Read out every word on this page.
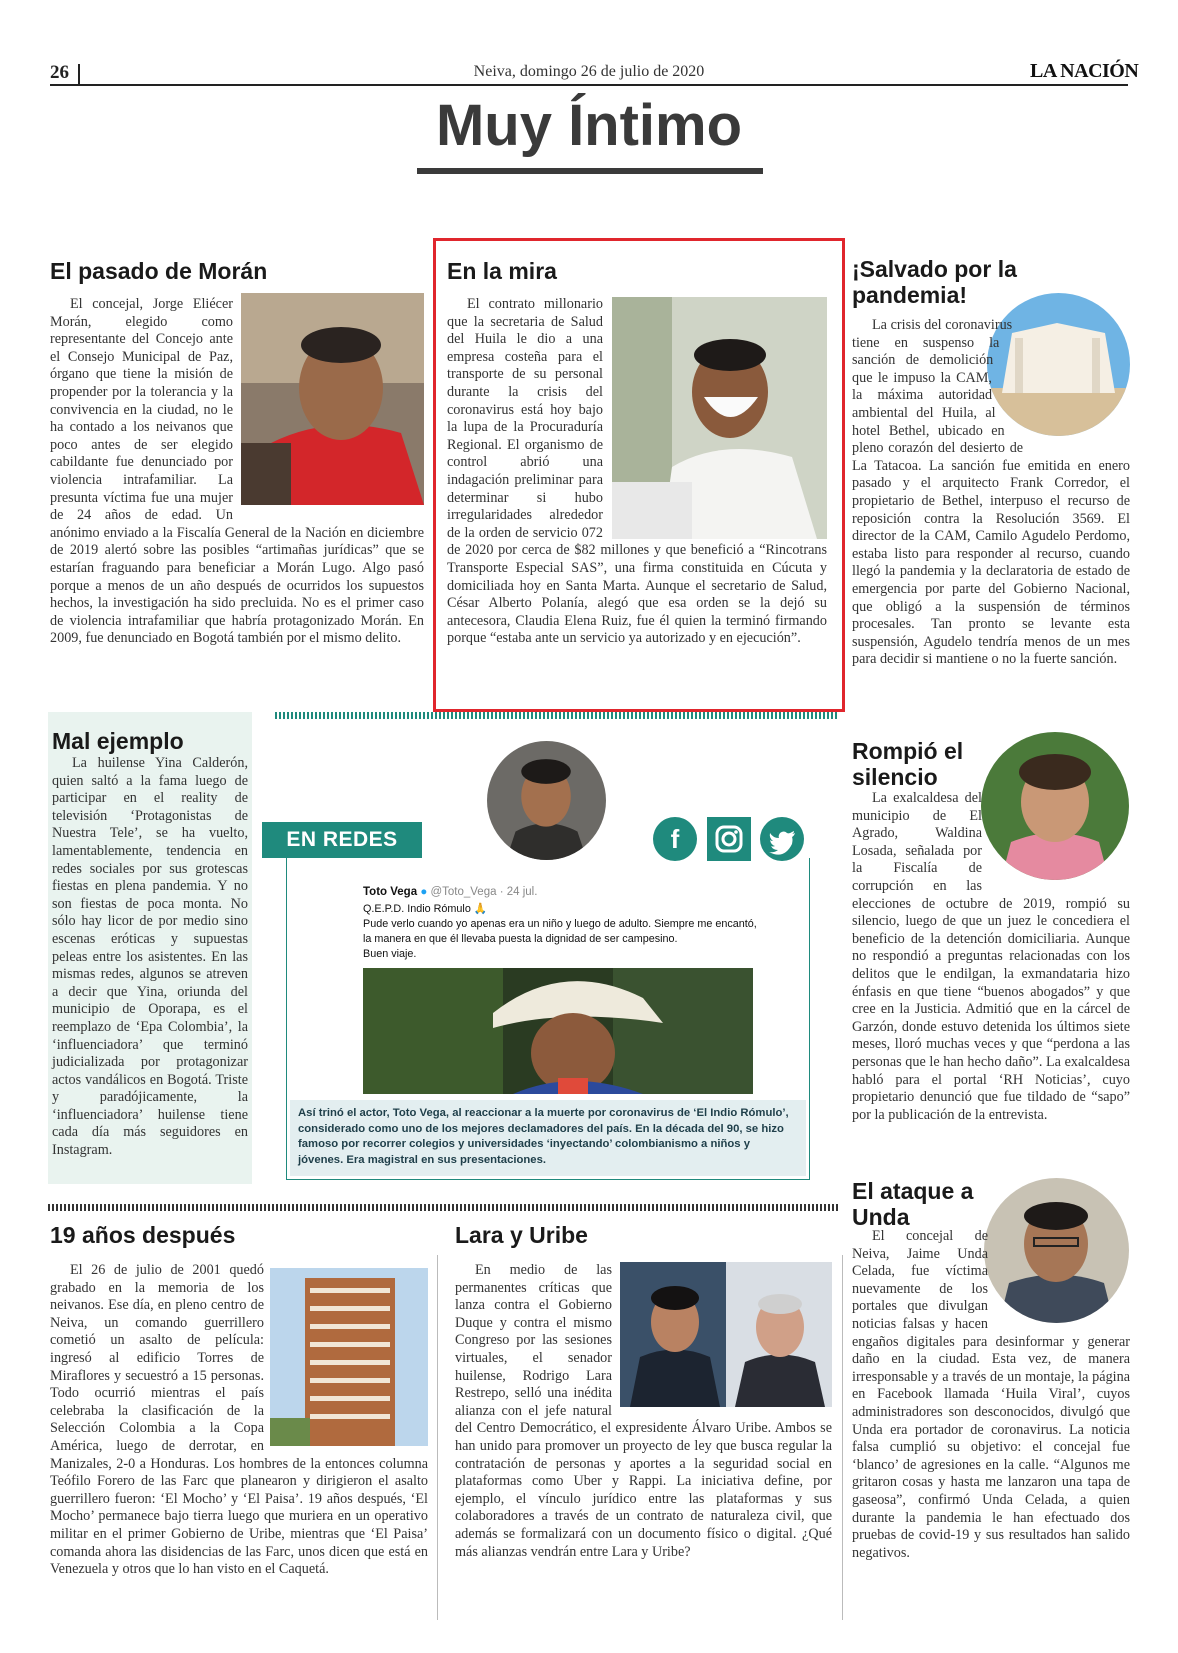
26	Neiva, domingo 26 de julio de 2020	LA NACIÓN
Muy Íntimo
El pasado de Morán

El concejal, Jorge Eliécer Morán, elegido como representante del Concejo ante el Consejo Municipal de Paz, órgano que tiene la misión de propender por la tolerancia y la convivencia en la ciudad, no le ha contado a los neivanos que poco antes de ser elegido cabildante fue denunciado por violencia intrafamiliar. La presunta víctima fue una mujer de 24 años de edad. Un anónimo enviado a la Fiscalía General de la Nación en diciembre de 2019 alertó sobre las posibles “artimañas jurídicas” que se estarían fraguando para beneficiar a Morán Lugo. Algo pasó porque a menos de un año después de ocurridos los supuestos hechos, la investigación ha sido precluida. No es el primer caso de violencia intrafamiliar que habría protagonizado Morán. En 2009, fue denunciado en Bogotá también por el mismo delito.

En la mira

El contrato millonario que la secretaria de Salud del Huila le dio a una empresa costeña para el transporte de su personal durante la crisis del coronavirus está hoy bajo la lupa de la Procuraduría Regional. El organismo de control abrió una indagación preliminar para determinar si hubo irregularidades alrededor de la orden de servicio 072 de 2020 por cerca de $82 millones y que benefició a “Rincotrans Transporte Especial SAS”, una firma constituida en Cúcuta y domiciliada hoy en Santa Marta. Aunque el secretario de Salud, César Alberto Polanía, alegó que esa orden se la dejó su antecesora, Claudia Elena Ruiz, fue él quien la terminó firmando porque “estaba ante un servicio ya autorizado y en ejecución”.

¡Salvado por la pandemia!

La crisis del coronavirus tiene en suspenso la sanción de demolición que le impuso la CAM, la máxima autoridad ambiental del Huila, al hotel Bethel, ubicado en pleno corazón del desierto de La Tatacoa. La sanción fue emitida en enero pasado y el arquitecto Frank Corredor, el propietario de Bethel, interpuso el recurso de reposición contra la Resolución 3569. El director de la CAM, Camilo Agudelo Perdomo, estaba listo para responder al recurso, cuando llegó la pandemia y la declaratoria de estado de emergencia por parte del Gobierno Nacional, que obligó a la suspensión de términos procesales. Tan pronto se levante esta suspensión, Agudelo tendría menos de un mes para decidir si mantiene o no la fuerte sanción.

Mal ejemplo

La huilense Yina Calderón, quien saltó a la fama luego de participar en el reality de televisión ‘Protagonistas de Nuestra Tele’, se ha vuelto, lamentablemente, tendencia en redes sociales por sus grotescas fiestas en plena pandemia. Y no son fiestas de poca monta. No sólo hay licor de por medio sino escenas eróticas y supuestas peleas entre los asistentes. En las mismas redes, algunos se atreven a decir que Yina, oriunda del municipio de Oporapa, es el reemplazo de ‘Epa Colombia’, la ‘influenciadora’ que terminó judicializada por protagonizar actos vandálicos en Bogotá. Triste y paradójicamente, la ‘influenciadora’ huilense tiene cada día más seguidores en Instagram.

EN REDES	f
Toto Vega ● @Toto_Vega · 24 jul.
Q.E.P.D. Indio Rómulo 🙏
Pude verlo cuando yo apenas era un niño y luego de adulto. Siempre me encantó, la manera en que él llevaba puesta la dignidad de ser campesino.
Buen viaje.
Así trinó el actor, Toto Vega, al reaccionar a la muerte por coronavirus de ‘El Indio Rómulo’, considerado como uno de los mejores declamadores del país. En la década del 90, se hizo famoso por recorrer colegios y universidades ‘inyectando’ colombianismo a niños y jóvenes. Era magistral en sus presentaciones.
Rompió el silencio

La exalcaldesa del municipio de El Agrado, Waldina Losada, señalada por la Fiscalía de corrupción en las elecciones de octubre de 2019, rompió su silencio, luego de que un juez le concediera el beneficio de la detención domiciliaria. Aunque no respondió a preguntas relacionadas con los delitos que le endilgan, la exmandataria hizo énfasis en que tiene “buenos abogados” y que cree en la Justicia. Admitió que en la cárcel de Garzón, donde estuvo detenida los últimos siete meses, lloró muchas veces y que “perdona a las personas que le han hecho daño”. La exalcaldesa habló para el portal ‘RH Noticias’, cuyo propietario denunció que fue tildado de “sapo” por la publicación de la entrevista.

19 años después

El 26 de julio de 2001 quedó grabado en la memoria de los neivanos. Ese día, en pleno centro de Neiva, un comando guerrillero cometió un asalto de película: ingresó al edificio Torres de Miraflores y secuestró a 15 personas. Todo ocurrió mientras el país celebraba la clasificación de la Selección Colombia a la Copa América, luego de derrotar, en Manizales, 2-0 a Honduras. Los hombres de la entonces columna Teófilo Forero de las Farc que planearon y dirigieron el asalto guerrillero fueron: ‘El Mocho’ y ‘El Paisa’. 19 años después, ‘El Mocho’ permanece bajo tierra luego que muriera en un operativo militar en el primer Gobierno de Uribe, mientras que ‘El Paisa’ comanda ahora las disidencias de las Farc, unos dicen que está en Venezuela y otros que lo han visto en el Caquetá.

Lara y Uribe

En medio de las permanentes críticas que lanza contra el Gobierno Duque y contra el mismo Congreso por las sesiones virtuales, el senador huilense, Rodrigo Lara Restrepo, selló una inédita alianza con el jefe natural del Centro Democrático, el expresidente Álvaro Uribe. Ambos se han unido para promover un proyecto de ley que busca regular la contratación de personas y aportes a la seguridad social en plataformas como Uber y Rappi. La iniciativa define, por ejemplo, el vínculo jurídico entre las plataformas y sus colaboradores a través de un contrato de naturaleza civil, que además se formalizará con un documento físico o digital. ¿Qué más alianzas vendrán entre Lara y Uribe?

El ataque a Unda

El concejal de Neiva, Jaime Unda Celada, fue víctima nuevamente de los portales que divulgan noticias falsas y hacen engaños digitales para desinformar y generar daño en la ciudad. Esta vez, de manera irresponsable y a través de un montaje, la página en Facebook llamada ‘Huila Viral’, cuyos administradores son desconocidos, divulgó que Unda era portador de coronavirus. La noticia falsa cumplió su objetivo: el concejal fue ‘blanco’ de agresiones en la calle. “Algunos me gritaron cosas y hasta me lanzaron una tapa de gaseosa”, confirmó Unda Celada, a quien durante la pandemia le han efectuado dos pruebas de covid-19 y sus resultados han salido negativos.
